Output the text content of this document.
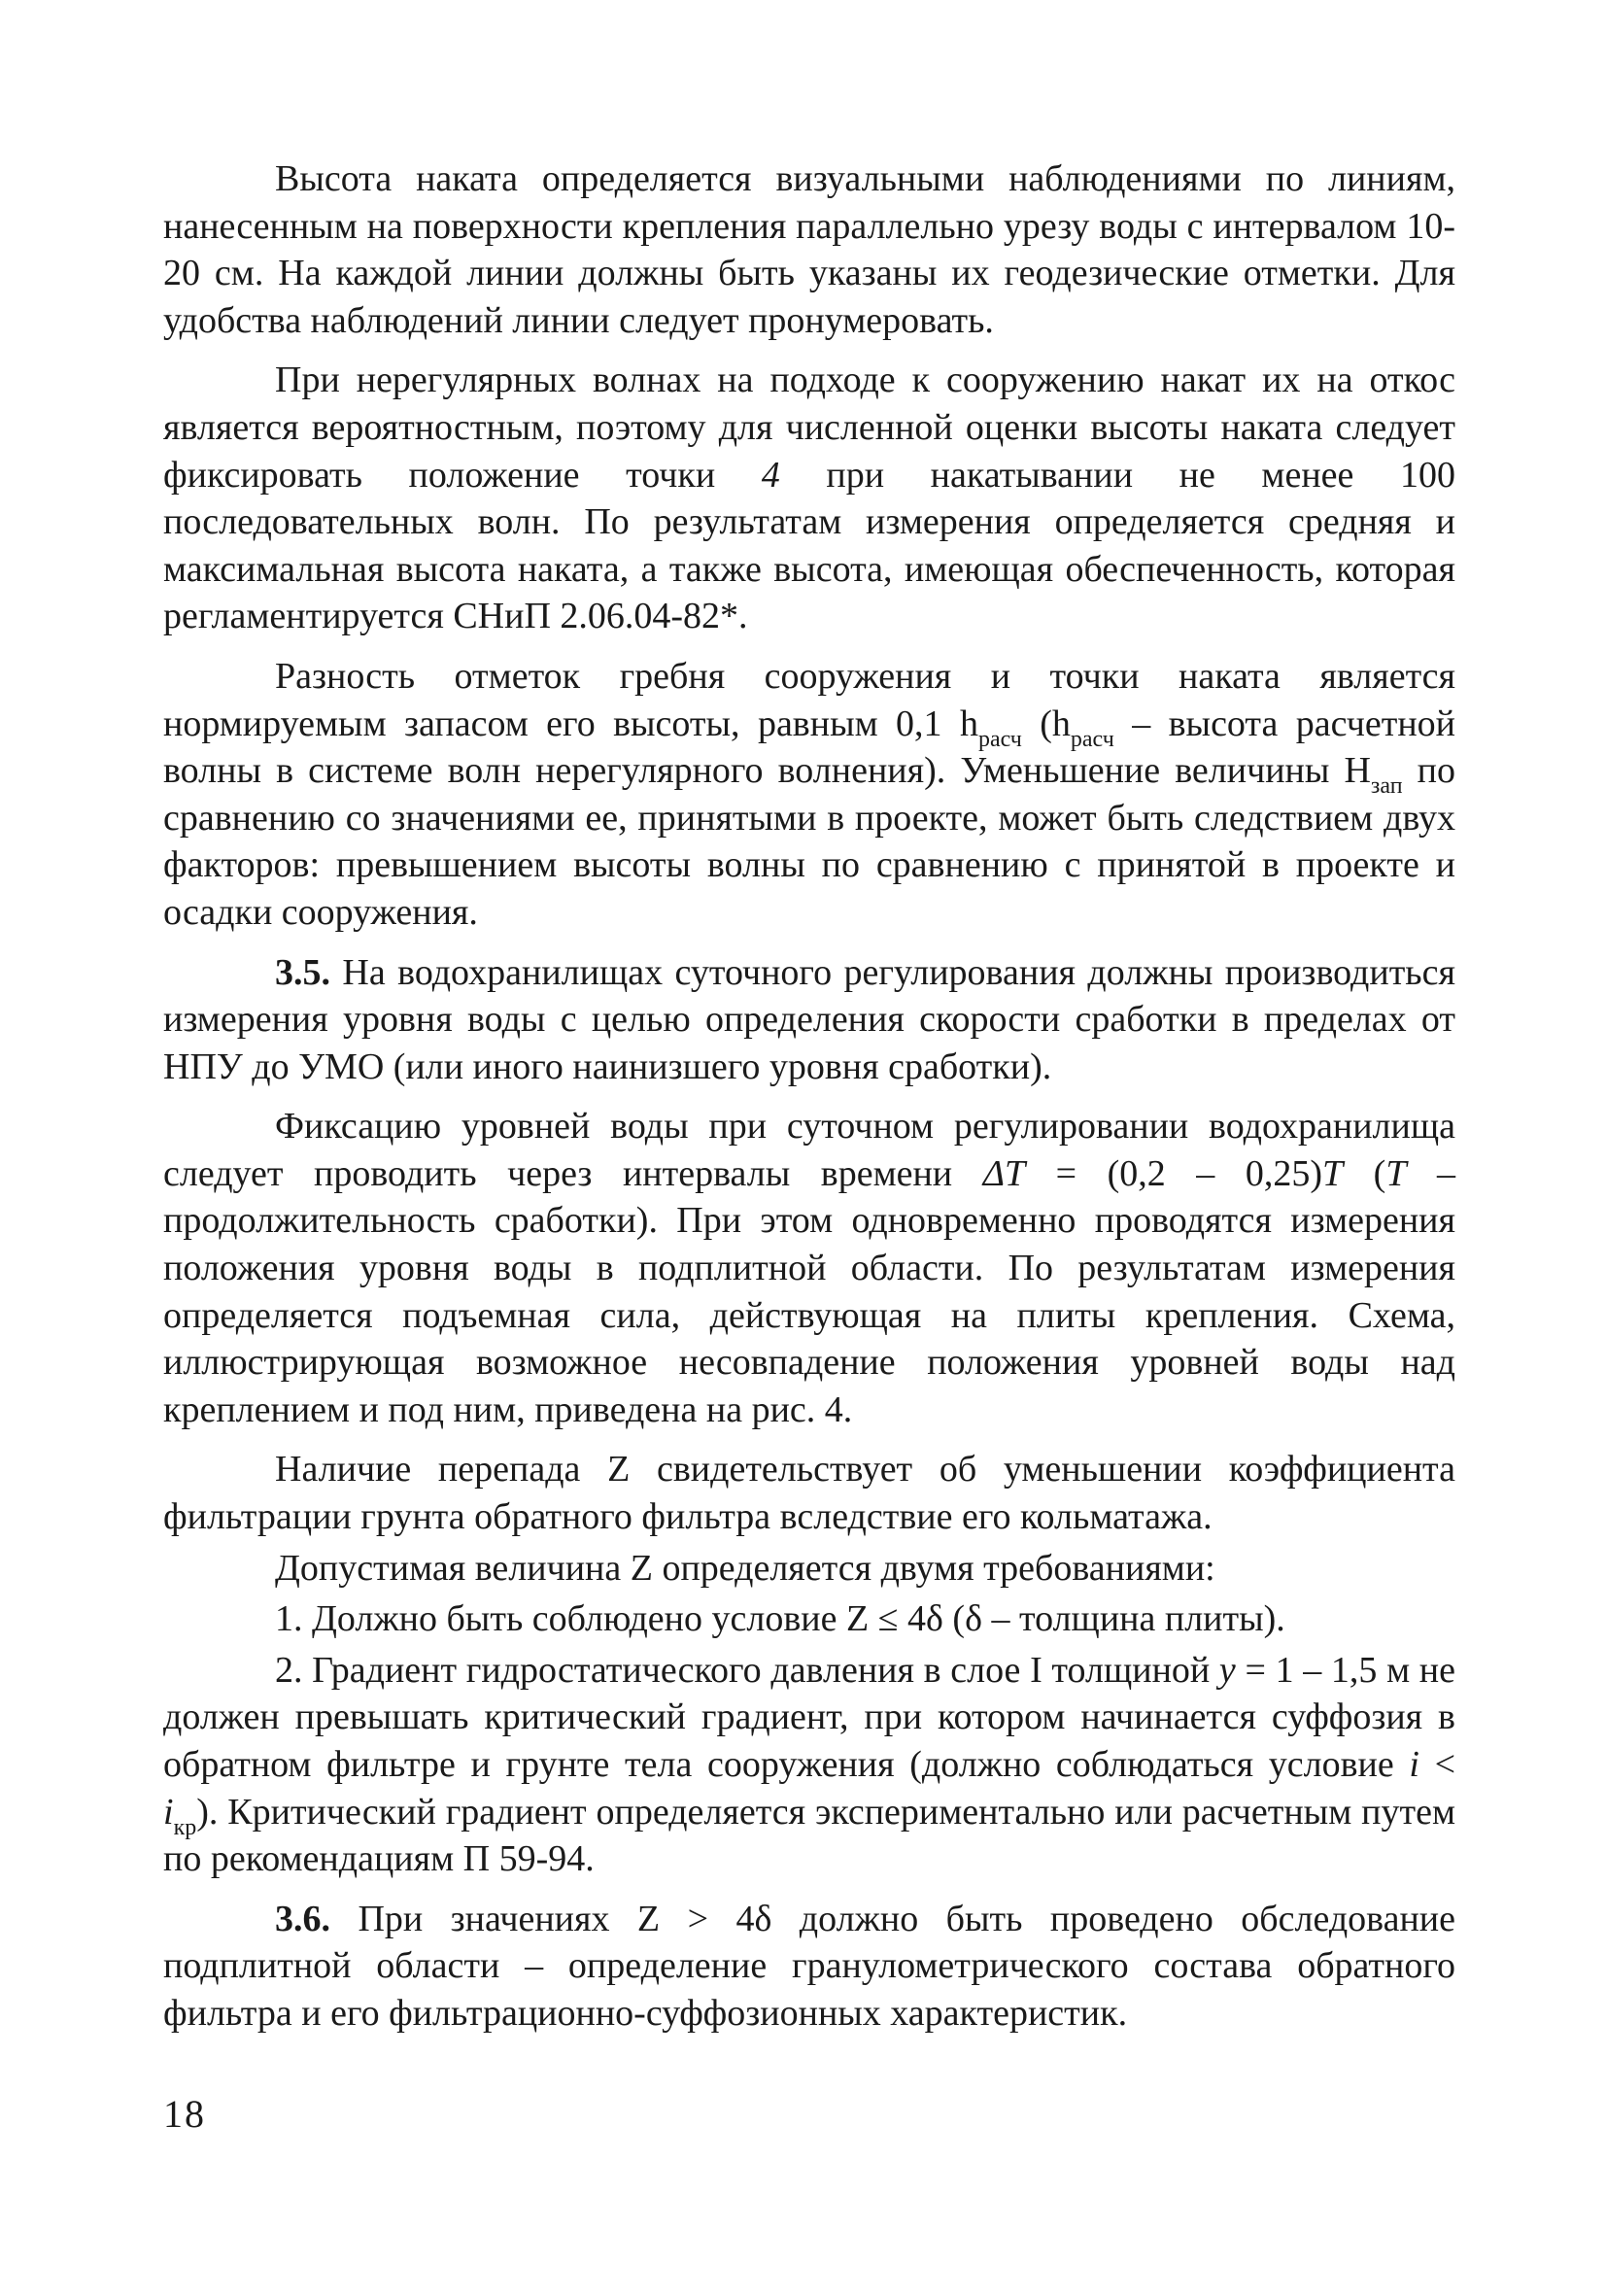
Высота наката определяется визуальными наблюдениями по линиям, нанесенным на поверхности крепления параллельно урезу воды с интервалом 10-20 см. На каждой линии должны быть указаны их геодезические отметки. Для удобства наблюдений линии следует пронумеровать.

При нерегулярных волнах на подходе к сооружению накат их на откос является вероятностным, поэтому для численной оценки высоты наката следует фиксировать положение точки 4 при накатывании не менее 100 последовательных волн. По результатам измерения определяется средняя и максимальная высота наката, а также высота, имеющая обеспеченность, которая регламентируется СНиП 2.06.04-82*.

Разность отметок гребня сооружения и точки наката является нормируемым запасом его высоты, равным 0,1 $h_{расч}$ ($h_{расч}$ – высота расчетной волны в системе волн нерегулярного волнения). Уменьшение величины $H_{зап}$ по сравнению со значениями ее, принятыми в проекте, может быть следствием двух факторов: превышением высоты волны по сравнению с принятой в проекте и осадки сооружения.

3.5. На водохранилищах суточного регулирования должны производиться измерения уровня воды с целью определения скорости сработки в пределах от НПУ до УМО (или иного наинизшего уровня сработки).

Фиксацию уровней воды при суточном регулировании водохранилища следует проводить через интервалы времени ΔT = (0,2 – 0,25)T (T – продолжительность сработки). При этом одновременно проводятся измерения положения уровня воды в подплитной области. По результатам измерения определяется подъемная сила, действующая на плиты крепления. Схема, иллюстрирующая возможное несовпадение положения уровней воды над креплением и под ним, приведена на рис. 4.

Наличие перепада Z свидетельствует об уменьшении коэффициента фильтрации грунта обратного фильтра вследствие его кольматажа.

Допустимая величина Z определяется двумя требованиями:

1. Должно быть соблюдено условие Z ≤ 4δ (δ – толщина плиты).

2. Градиент гидростатического давления в слое I толщиной y = 1 – 1,5 м не должен превышать критический градиент, при котором начинается суффозия в обратном фильтре и грунте тела сооружения (должно соблюдаться условие $i < i_{кр}$). Критический градиент определяется экспериментально или расчетным путем по рекомендациям П 59-94.

3.6. При значениях Z > 4δ должно быть проведено обследование подплитной области – определение гранулометрического состава обратного фильтра и его фильтрационно-суффозионных характеристик.

18
